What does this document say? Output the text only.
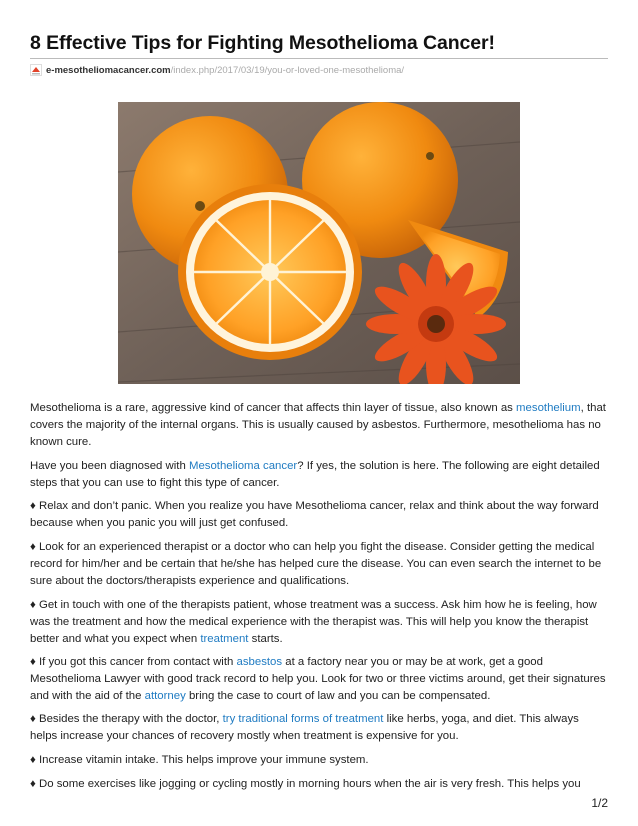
8 Effective Tips for Fighting Mesothelioma Cancer!
e-mesotheliomacancer.com/index.php/2017/03/19/you-or-loved-one-mesothelioma/

Mesothelioma is a rare, aggressive kind of cancer that affects thin layer of tissue, also known as mesothelium, that covers the majority of the internal organs. This is usually caused by asbestos. Furthermore, mesothelioma has no known cure.

Have you been diagnosed with Mesothelioma cancer? If yes, the solution is here. The following are eight detailed steps that you can use to fight this type of cancer.

♦ Relax and don’t panic. When you realize you have Mesothelioma cancer, relax and think about the way forward because when you panic you will just get confused.

♦ Look for an experienced therapist or a doctor who can help you fight the disease. Consider getting the medical record for him/her and be certain that he/she has helped cure the disease. You can even search the internet to be sure about the doctors/therapists experience and qualifications.

♦ Get in touch with one of the therapists patient, whose treatment was a success. Ask him how he is feeling, how was the treatment and how the medical experience with the therapist was. This will help you know the therapist better and what you expect when treatment starts.

♦ If you got this cancer from contact with asbestos at a factory near you or may be at work, get a good Mesothelioma Lawyer with good track record to help you. Look for two or three victims around, get their signatures and with the aid of the attorney bring the case to court of law and you can be compensated.

♦ Besides the therapy with the doctor, try traditional forms of treatment like herbs, yoga, and diet. This always helps increase your chances of recovery mostly when treatment is expensive for you.

♦ Increase vitamin intake. This helps improve your immune system.

♦ Do some exercises like jogging or cycling mostly in morning hours when the air is very fresh. This helps you

1/2
